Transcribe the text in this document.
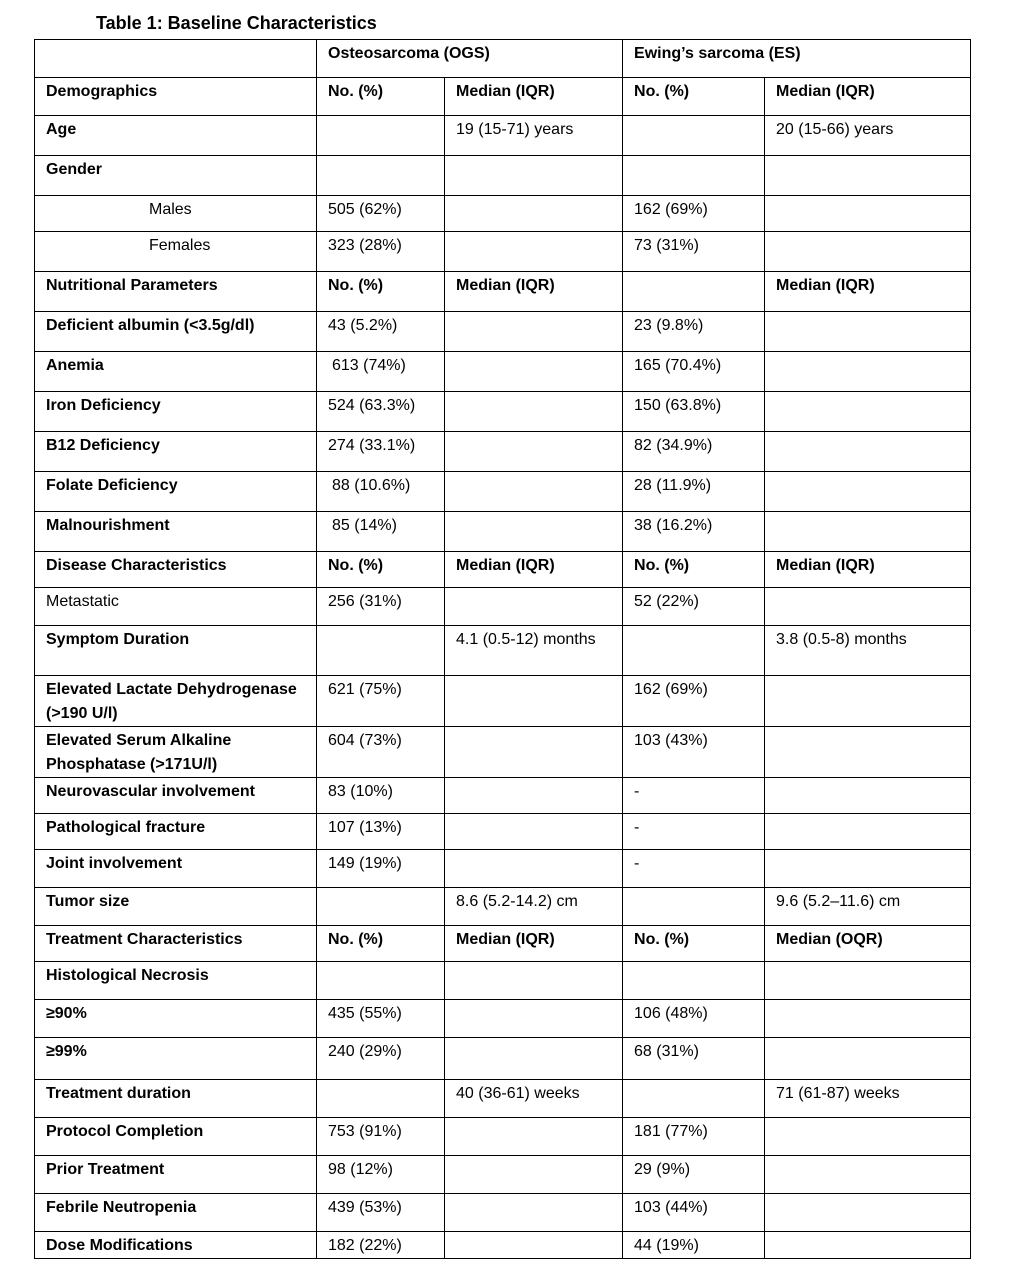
Table 1: Baseline Characteristics
	Osteosarcoma (OGS)		Ewing’s sarcoma (ES)	
Demographics	No. (%)	Median (IQR)	No. (%)	Median (IQR)
Age		19 (15-71) years		20 (15-66) years
Gender				
Males	505 (62%)		162 (69%)	
Females	323 (28%)		73 (31%)	
Nutritional Parameters	No. (%)	Median (IQR)		Median (IQR)
Deficient albumin (<3.5g/dl)	43 (5.2%)		23 (9.8%)	
Anemia	613 (74%)		165 (70.4%)	
Iron Deficiency	524 (63.3%)		150 (63.8%)	
B12 Deficiency	274 (33.1%)		82 (34.9%)	
Folate Deficiency	88 (10.6%)		28 (11.9%)	
Malnourishment	85 (14%)		38 (16.2%)	
Disease Characteristics	No. (%)	Median (IQR)	No. (%)	Median (IQR)
Metastatic	256 (31%)		52 (22%)	
Symptom Duration		4.1 (0.5-12) months		3.8 (0.5-8) months
Elevated Lactate Dehydrogenase (>190 U/l)	621 (75%)		162 (69%)	
Elevated Serum Alkaline Phosphatase (>171U/l)	604 (73%)		103 (43%)	
Neurovascular involvement	83 (10%)		-	
Pathological fracture	107 (13%)		-	
Joint involvement	149 (19%)		-	
Tumor size		8.6 (5.2-14.2) cm		9.6 (5.2–11.6) cm
Treatment Characteristics	No. (%)	Median (IQR)	No. (%)	Median (OQR)
Histological Necrosis				
≥90%	435 (55%)		106 (48%)	
≥99%	240 (29%)		68 (31%)	
Treatment duration		40 (36-61) weeks		71 (61-87) weeks
Protocol Completion	753 (91%)		181 (77%)	
Prior Treatment	98 (12%)		29 (9%)	
Febrile Neutropenia	439 (53%)		103 (44%)	
Dose Modifications	182 (22%)		44 (19%)	
